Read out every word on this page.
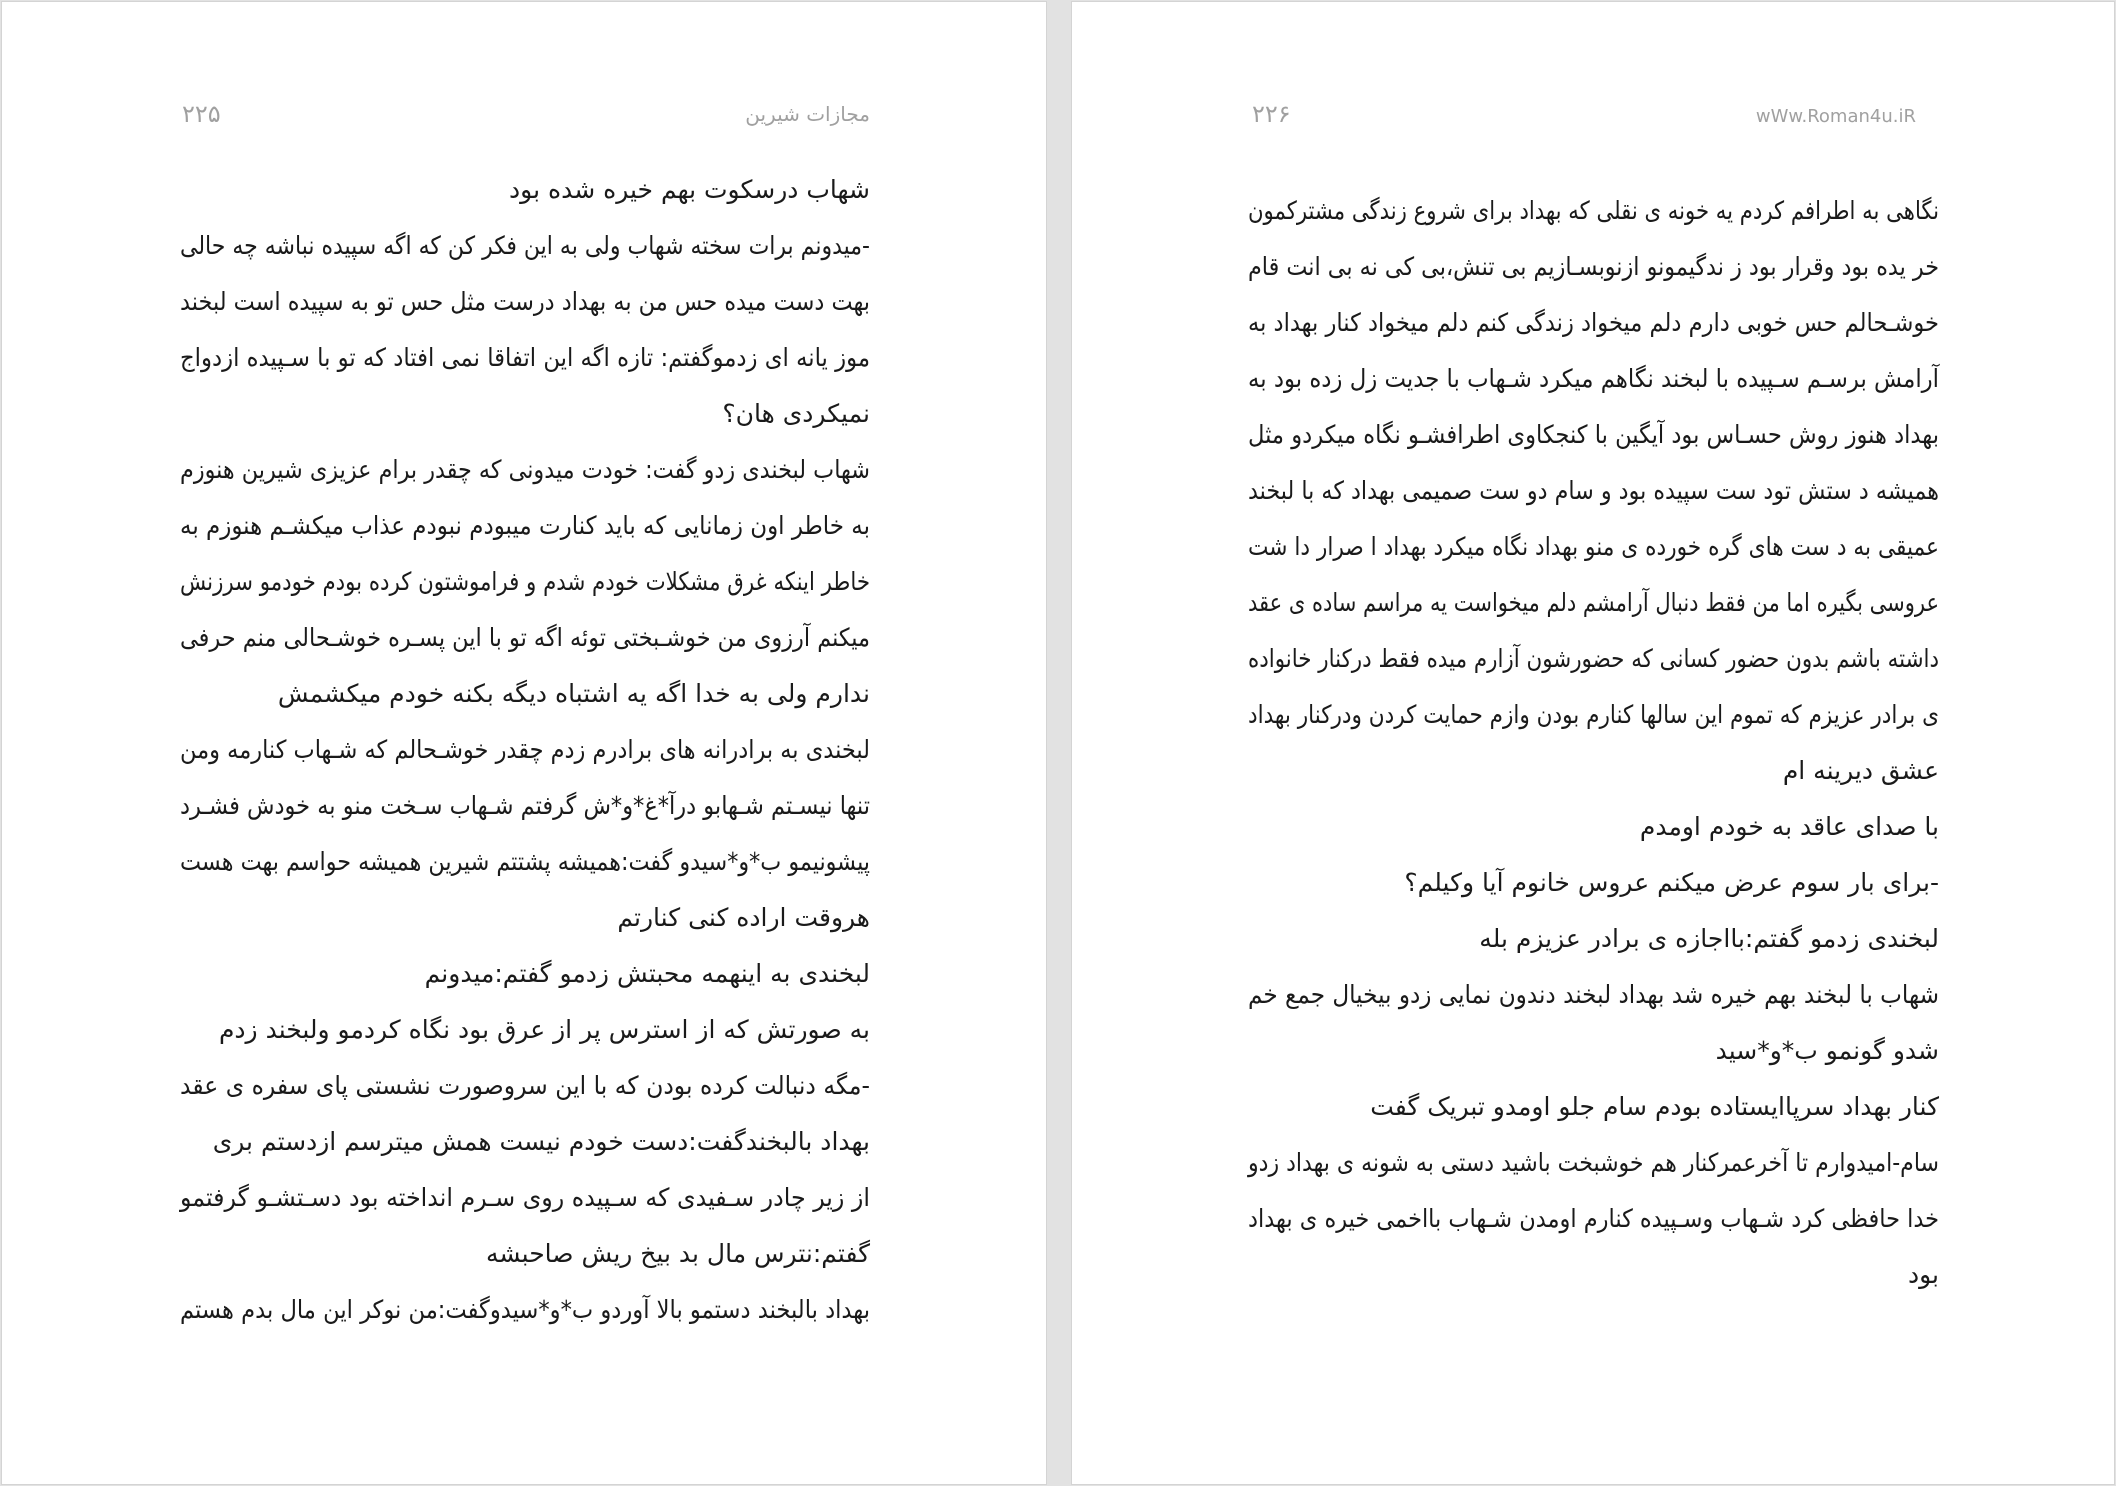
۲۲۵	مجازات شیرین
شهاب درسکوت بهم خیره شده بود
-میدونم برات سخته شهاب ولی به این فکر کن که اگه سپیده نباشه چه حالی
بهت دست میده حس من به بهداد درست مثل حس تو به سپیده است لبخند
موز یانه ای زدموگفتم: تازه اگه این اتفاقا نمی افتاد که تو با سـپیده ازدواج
نمیکردی هان؟
شهاب لبخندی زدو گفت: خودت میدونی که چقدر برام عزیزی شیرین هنوزم
به خاطر اون زمانایی که باید کنارت میبودم نبودم عذاب میکشـم هنوزم به
خاطر اینکه غرق مشکلات خودم شدم و فراموشتون کرده بودم خودمو سرزنش
میکنم آرزوی من خوشـبختی توئه اگه تو با این پسـره خوشـحالی منم حرفی
ندارم ولی به خدا اگه یه اشتباه دیگه بکنه خودم میکشمش
لبخندی به برادرانه های برادرم زدم چقدر خوشـحالم که شـهاب کنارمه ومن
تنها نیسـتم شـهابو درآ*غ*و*ش گرفتم شـهاب سـخت منو به خودش فشـرد
پیشونیمو ب*و*سیدو گفت:همیشه پشتتم شیرین همیشه حواسم بهت هست
هروقت اراده کنی کنارتم
لبخندی به اینهمه محبتش زدمو گفتم:میدونم
به صورتش که از استرس پر از عرق بود نگاه کردمو ولبخند زدم
-مگه دنبالت کرده بودن که با این سروصورت نشستی پای سفره ی عقد
بهداد بالبخندگفت:دست خودم نیست همش میترسم ازدستم بری
از زیر چادر سـفیدی که سـپیده روی سـرم انداخته بود دسـتشـو گرفتمو
گفتم:نترس مال بد بیخ ریش صاحبشه
بهداد بالبخند دستمو بالا آوردو ب*و*سیدوگفت:من نوکر این مال بدم هستم
۲۲۶	wWw.Roman4u.iR
نگاهی به اطرافم کردم یه خونه ی نقلی که بهداد برای شروع زندگی مشترکمون
خر یده بود وقرار بود ز ندگیمونو ازنوبسـازیم بی تنش،بی کی نه بی انت قام
خوشـحالم حس خوبی دارم دلم میخواد زندگی کنم دلم میخواد کنار بهداد به
آرامش برسـم سـپیده با لبخند نگاهم میکرد شـهاب با جدیت زل زده بود به
بهداد هنوز روش حسـاس بود آیگین با کنجکاوی اطرافشـو نگاه میکردو مثل
همیشه د ستش تود ست سپیده بود و سام دو ست صمیمی بهداد که با لبخند
عمیقی به د ست های گره خورده ی منو بهداد نگاه میکرد بهداد ا صرار دا شت
عروسی بگیره اما من فقط دنبال آرامشم دلم میخواست یه مراسم ساده ی عقد
داشته باشم بدون حضور کسانی که حضورشون آزارم میده فقط درکنار خانواده
ی برادر عزیزم که تموم این سالها کنارم بودن وازم حمایت کردن ودرکنار بهداد
عشق دیرینه ام
با صدای عاقد به خودم اومدم
-برای بار سوم عرض میکنم عروس خانوم آیا وکیلم؟
لبخندی زدمو گفتم:بااجازه ی برادر عزیزم بله
شهاب با لبخند بهم خیره شد بهداد لبخند دندون نمایی زدو بیخیال جمع خم
شدو گونمو ب*و*سید
کنار بهداد سرپاایستاده بودم سام جلو اومدو تبریک گفت
سام-امیدوارم تا آخرعمرکنار هم خوشبخت باشید دستی به شونه ی بهداد زدو
خدا حافظی کرد شـهاب وسـپیده کنارم اومدن شـهاب بااخمی خیره ی بهداد
بود
